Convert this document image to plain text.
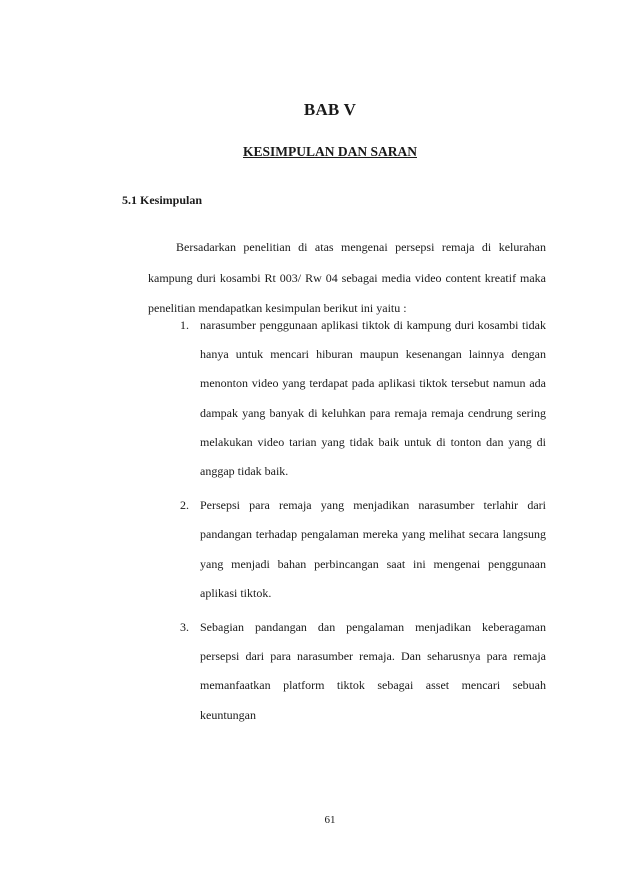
BAB V
KESIMPULAN DAN SARAN
5.1 Kesimpulan

Bersadarkan penelitian di atas mengenai persepsi remaja di kelurahan kampung duri kosambi Rt 003/ Rw 04 sebagai media video content kreatif maka penelitian mendapatkan kesimpulan berikut ini yaitu :

1. narasumber penggunaan aplikasi tiktok di kampung duri kosambi tidak hanya untuk mencari hiburan maupun kesenangan lainnya dengan menonton video yang terdapat pada aplikasi tiktok tersebut namun ada dampak yang banyak di keluhkan para remaja remaja cendrung sering melakukan video tarian yang tidak baik untuk di tonton dan yang di anggap tidak baik.
2. Persepsi para remaja yang menjadikan narasumber terlahir dari pandangan terhadap pengalaman mereka yang melihat secara langsung yang menjadi bahan perbincangan saat ini mengenai penggunaan aplikasi tiktok.
3. Sebagian pandangan dan pengalaman menjadikan keberagaman persepsi dari para narasumber remaja. Dan seharusnya para remaja memanfaatkan platform tiktok sebagai asset mencari sebuah keuntungan
61
